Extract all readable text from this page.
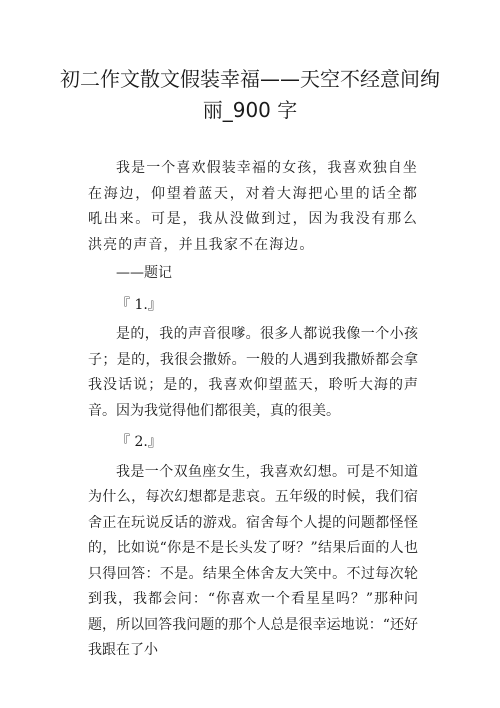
初二作文散文假装幸福——天空不经意间绚丽_900 字

我是一个喜欢假装幸福的女孩，我喜欢独自坐在海边，仰望着蓝天，对着大海把心里的话全都吼出来。可是，我从没做到过，因为我没有那么洪亮的声音，并且我家不在海边。

——题记

『 1.』

是的，我的声音很嗲。很多人都说我像一个小孩子；是的，我很会撒娇。一般的人遇到我撒娇都会拿我没话说；是的，我喜欢仰望蓝天，聆听大海的声音。因为我觉得他们都很美，真的很美。

『 2.』

我是一个双鱼座女生，我喜欢幻想。可是不知道为什么，每次幻想都是悲哀。五年级的时候，我们宿舍正在玩说反话的游戏。宿舍每个人提的问题都怪怪的，比如说“你是不是长头发了呀？”结果后面的人也只得回答：不是。结果全体舍友大笑中。不过每次轮到我，我都会问：“你喜欢一个看星星吗？”那种问题，所以回答我问题的那个人总是很幸运地说：“还好我跟在了小
